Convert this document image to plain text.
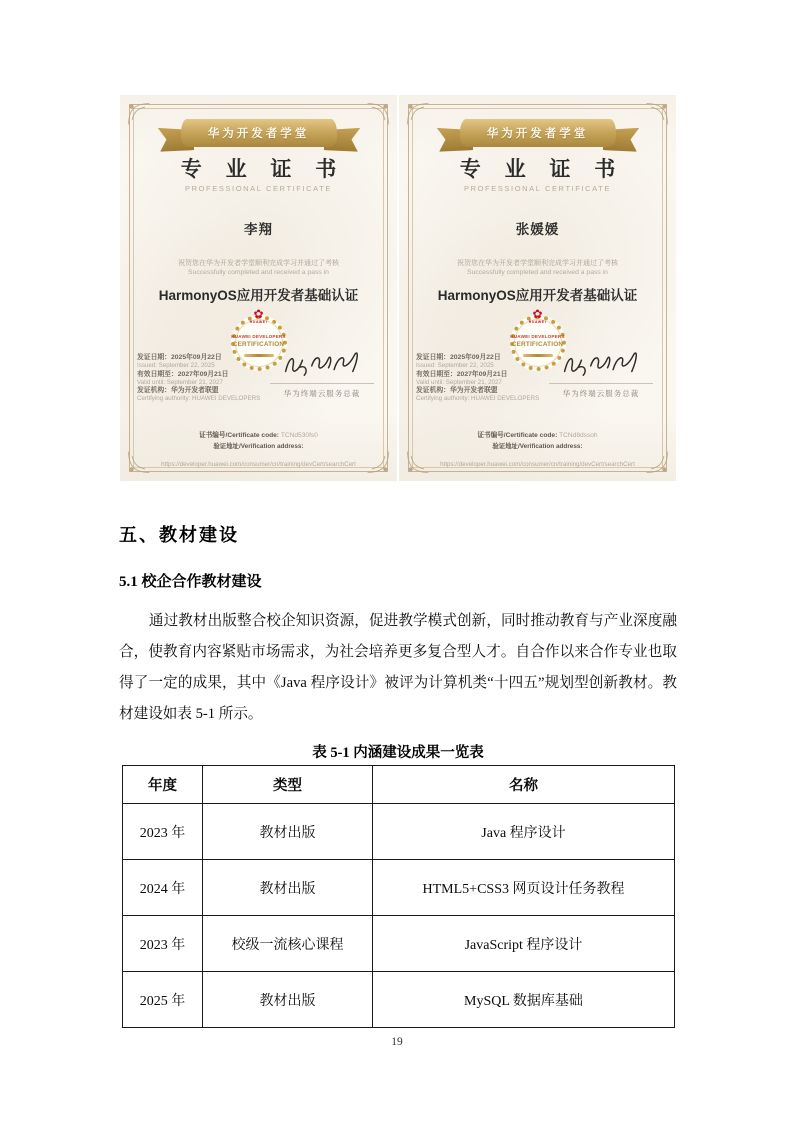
华为开发者学堂
专 业 证 书
PROFESSIONAL CERTIFICATE
李翔
祝贺您在华为开发者学堂顺利完成学习并通过了考核
Successfully completed and received a pass in
HarmonyOS应用开发者基础认证
✿
HUAWEI
HUAWEI DEVELOPERS
CERTIFICATION
发证日期：2025年09月22日
Issued: September 22, 2025
有效日期至：2027年09月21日
Valid until: September 21, 2027
发证机构：华为开发者联盟
Certifying authority: HUAWEI DEVELOPERS
华为终端云服务总裁
证书编号/Certificate code: TCNd530fs0
验证地址/Verification address: https://developer.huawei.com/consumer/cn/training/devCert/searchCert
华为开发者学堂
专 业 证 书
PROFESSIONAL CERTIFICATE
张媛媛
祝贺您在华为开发者学堂顺利完成学习并通过了考核
Successfully completed and received a pass in
HarmonyOS应用开发者基础认证
✿
HUAWEI
HUAWEI DEVELOPERS
CERTIFICATION
发证日期：2025年09月22日
Issued: September 22, 2025
有效日期至：2027年09月21日
Valid until: September 21, 2027
发证机构：华为开发者联盟
Certifying authority: HUAWEI DEVELOPERS
华为终端云服务总裁
证书编号/Certificate code: TCNd8dssoh
验证地址/Verification address: https://developer.huawei.com/consumer/cn/training/devCert/searchCert
五、教材建设
5.1 校企合作教材建设
通过教材出版整合校企知识资源，促进教学模式创新，同时推动教育与产业深度融合，使教育内容紧贴市场需求，为社会培养更多复合型人才。自合作以来合作专业也取得了一定的成果，其中《Java 程序设计》被评为计算机类“十四五”规划型创新教材。教材建设如表 5-1 所示。
表 5-1 内涵建设成果一览表
年度	类型	名称
2023 年	教材出版	Java 程序设计
2024 年	教材出版	HTML5+CSS3 网页设计任务教程
2023 年	校级一流核心课程	JavaScript 程序设计
2025 年	教材出版	MySQL 数据库基础
19
